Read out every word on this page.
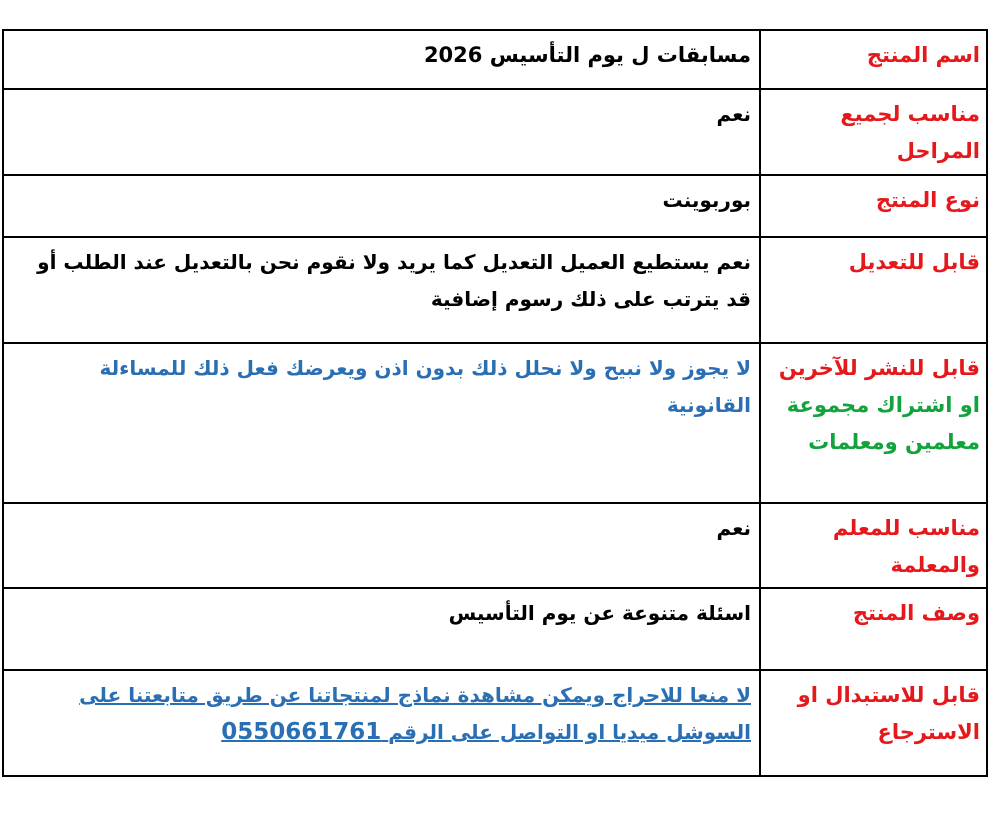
اسم المنتج
مسابقات ل يوم التأسيس 2026
مناسب لجميع المراحل
نعم
نوع المنتج
بوربوينت
قابل للتعديل
نعم يستطيع العميل التعديل كما يريد ولا نقوم نحن بالتعديل عند الطلب أو قد يترتب على ذلك رسوم إضافية
قابل للنشر للآخرين او اشتراك مجموعة معلمين ومعلمات
لا يجوز ولا نبيح ولا نحلل ذلك بدون اذن ويعرضك فعل ذلك للمساءلة القانونية
مناسب للمعلم والمعلمة
نعم
وصف المنتج
اسئلة متنوعة عن يوم التأسيس
قابل للاستبدال او الاسترجاع
لا منعا للاحراج ويمكن مشاهدة نماذج لمنتجاتنا عن طريق متابعتنا على السوشل ميديا او التواصل على الرقم 0550661761
